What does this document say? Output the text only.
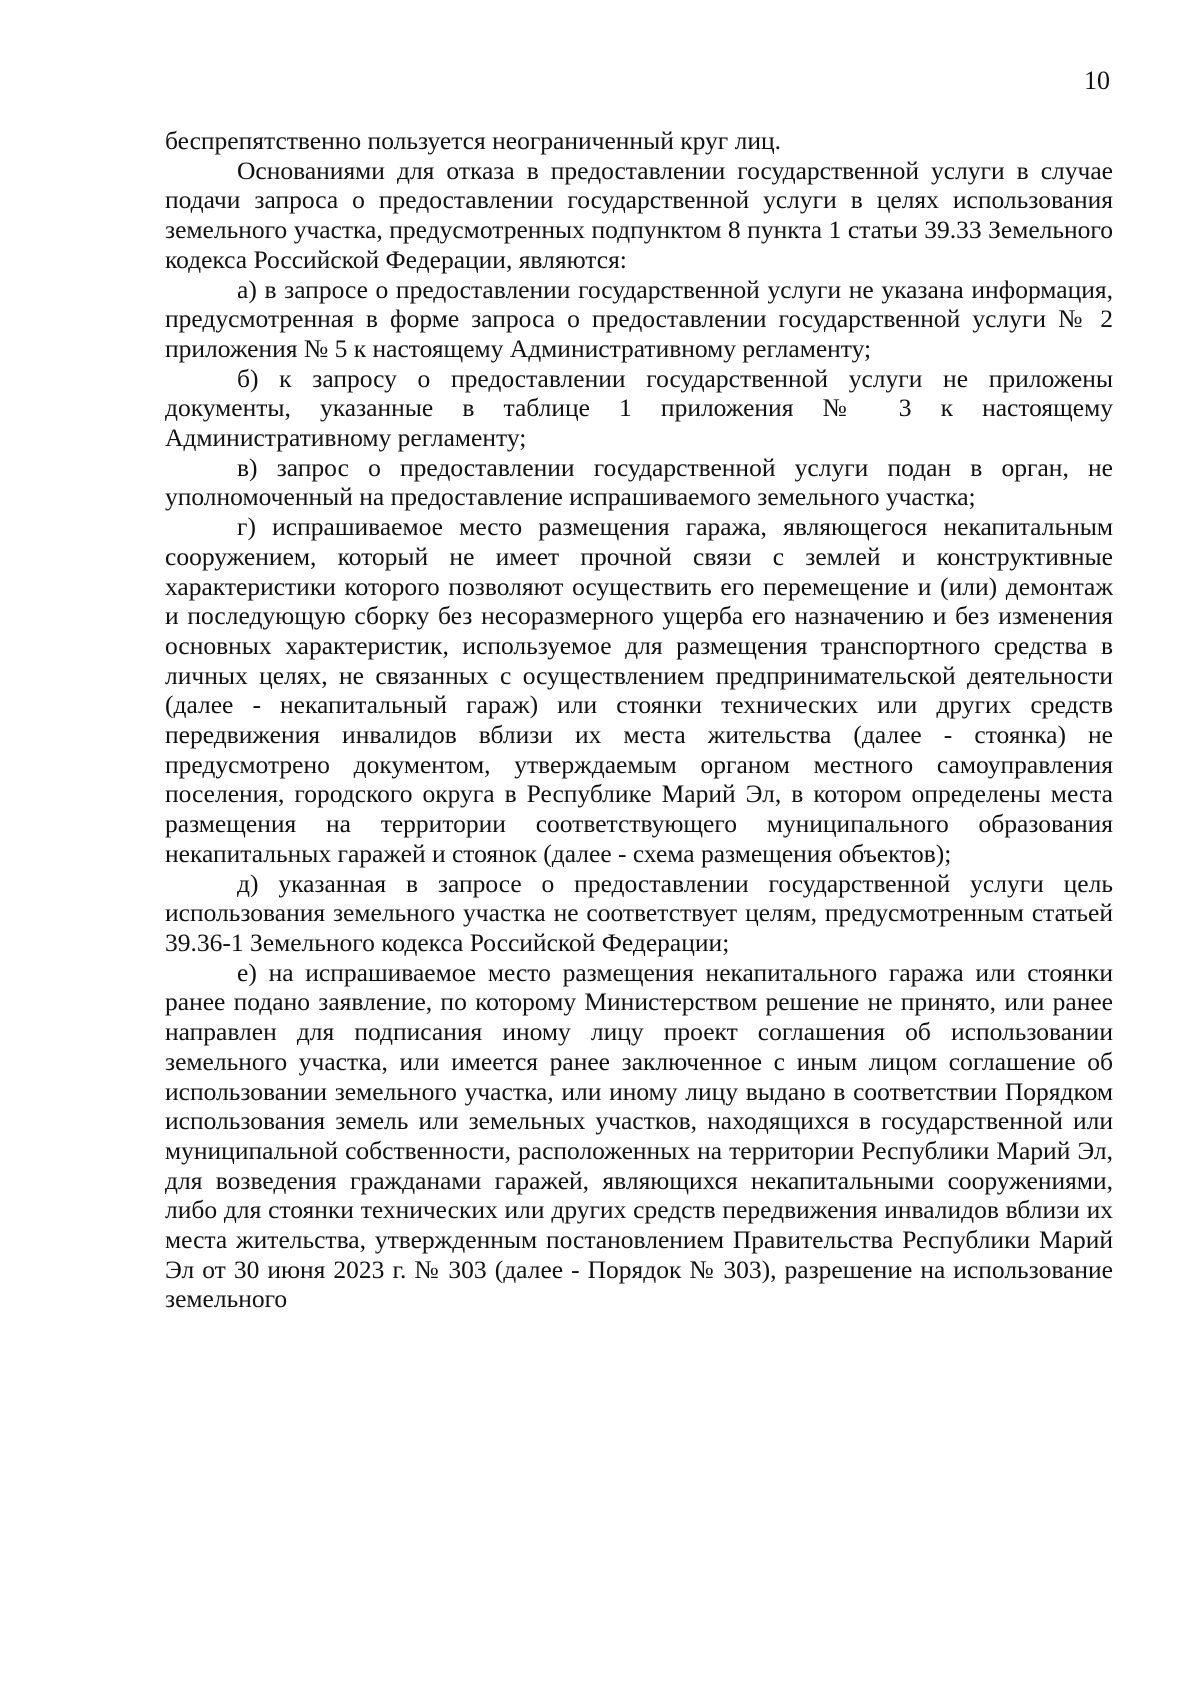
10

беспрепятственно пользуется неограниченный круг лиц.

Основаниями для отказа в предоставлении государственной услуги в случае подачи запроса о предоставлении государственной услуги в целях использования земельного участка, предусмотренных подпунктом 8 пункта 1 статьи 39.33 Земельного кодекса Российской Федерации, являются:

а) в запросе о предоставлении государственной услуги не указана информация, предусмотренная в форме запроса о предоставлении государственной услуги № 2 приложения № 5 к настоящему Административному регламенту;

б) к запросу о предоставлении государственной услуги не приложены документы, указанные в таблице 1 приложения № 3 к настоящему Административному регламенту;

в) запрос о предоставлении государственной услуги подан в орган, не уполномоченный на предоставление испрашиваемого земельного участка;

г) испрашиваемое место размещения гаража, являющегося некапитальным сооружением, который не имеет прочной связи с землей и конструктивные характеристики которого позволяют осуществить его перемещение и (или) демонтаж и последующую сборку без несоразмерного ущерба его назначению и без изменения основных характеристик, используемое для размещения транспортного средства в личных целях, не связанных с осуществлением предпринимательской деятельности (далее - некапитальный гараж) или стоянки технических или других средств передвижения инвалидов вблизи их места жительства (далее - стоянка) не предусмотрено документом, утверждаемым органом местного самоуправления поселения, городского округа в Республике Марий Эл, в котором определены места размещения на территории соответствующего муниципального образования некапитальных гаражей и стоянок (далее - схема размещения объектов);

д) указанная в запросе о предоставлении государственной услуги цель использования земельного участка не соответствует целям, предусмотренным статьей 39.36-1 Земельного кодекса Российской Федерации;

е) на испрашиваемое место размещения некапитального гаража или стоянки ранее подано заявление, по которому Министерством решение не принято, или ранее направлен для подписания иному лицу проект соглашения об использовании земельного участка, или имеется ранее заключенное с иным лицом соглашение об использовании земельного участка, или иному лицу выдано в соответствии Порядком использования земель или земельных участков, находящихся в государственной или муниципальной собственности, расположенных на территории Республики Марий Эл, для возведения гражданами гаражей, являющихся некапитальными сооружениями, либо для стоянки технических или других средств передвижения инвалидов вблизи их места жительства, утвержденным постановлением Правительства Республики Марий Эл от 30 июня 2023 г. № 303 (далее - Порядок № 303), разрешение на использование земельного
